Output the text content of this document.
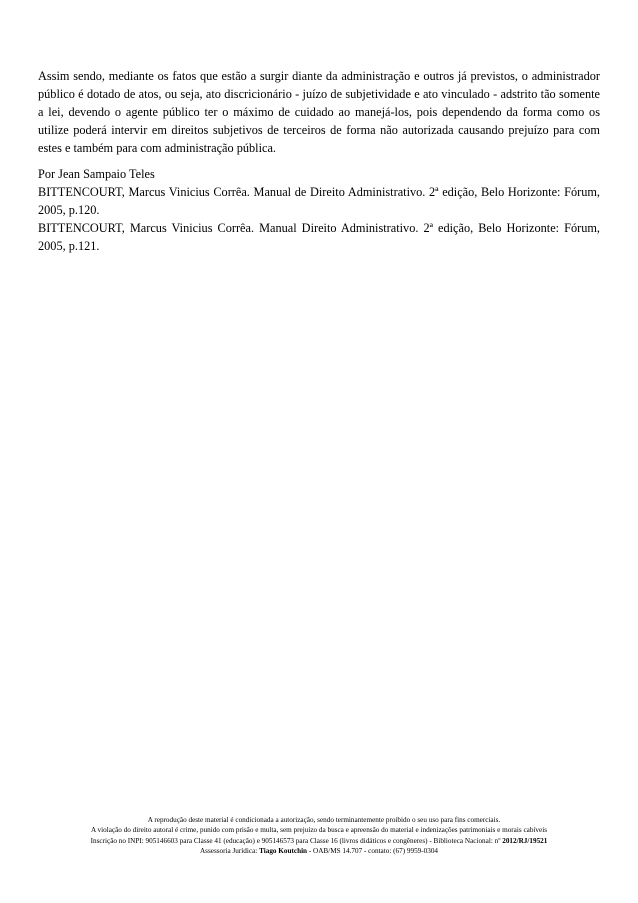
Assim sendo, mediante os fatos que estão a surgir diante da administração e outros já previstos, o administrador público é dotado de atos, ou seja, ato discricionário - juízo de subjetividade e ato vinculado - adstrito tão somente a lei, devendo o agente público ter o máximo de cuidado ao manejá-los, pois dependendo da forma como os utilize poderá intervir em direitos subjetivos de terceiros de forma não autorizada causando prejuízo para com estes e também para com administração pública.

Por Jean Sampaio Teles

BITTENCOURT, Marcus Vinicius Corrêa. Manual de Direito Administrativo. 2ª edição, Belo Horizonte: Fórum, 2005, p.120.

BITTENCOURT, Marcus Vinicius Corrêa. Manual Direito Administrativo. 2ª edição, Belo Horizonte: Fórum, 2005, p.121.

A reprodução deste material é condicionada a autorização, sendo terminantemente proibido o seu uso para fins comerciais.

A violação do direito autoral é crime, punido com prisão e multa, sem prejuízo da busca e apreensão do material e indenizações patrimoniais e morais cabíveis

Inscrição no INPI: 905146603 para Classe 41 (educação) e 905146573 para Classe 16 (livros didáticos e congêneres) - Biblioteca Nacional: nº 2012/RJ/19521

Assessoria Jurídica: Tiago Koutchin - OAB/MS 14.707 - contato: (67) 9959-0304
